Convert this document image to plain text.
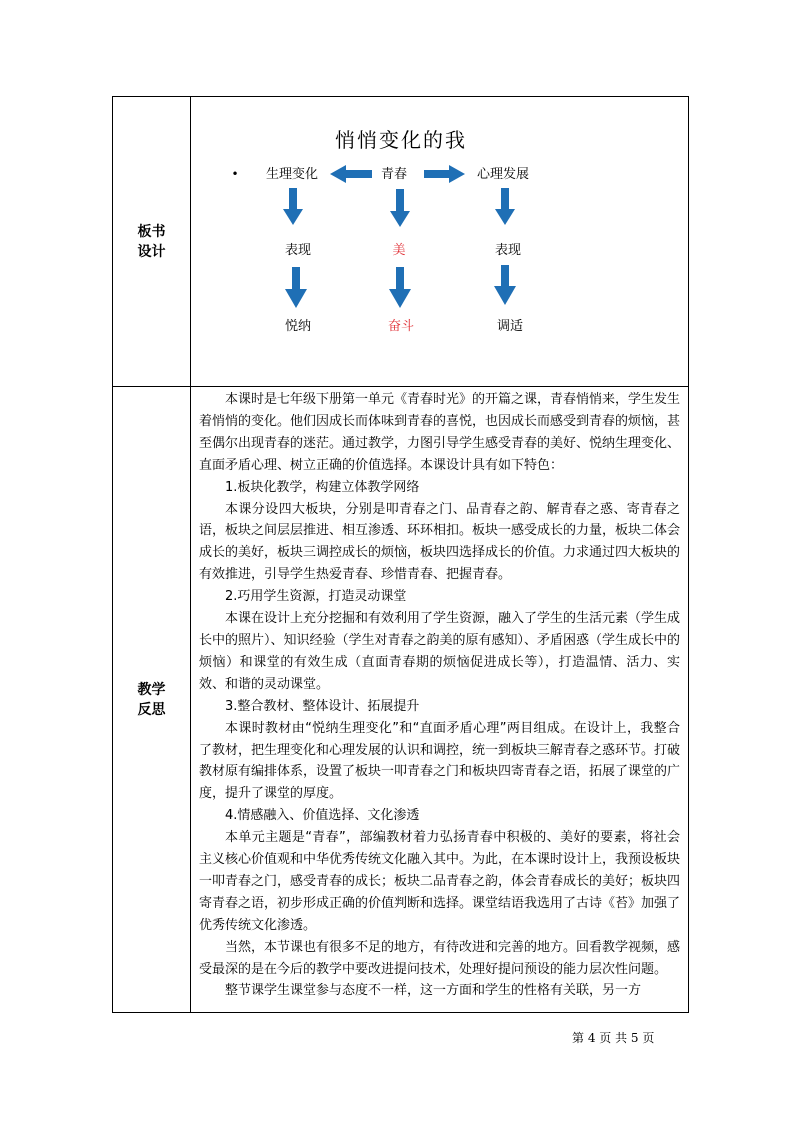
板书设计
悄悄变化的我
• 生理变化	青春	心理发展
表现	美	表现
悦纳	奋斗	调适
教学反思

本课时是七年级下册第一单元《青春时光》的开篇之课，青春悄悄来，学生发生着悄悄的变化。他们因成长而体味到青春的喜悦，也因成长而感受到青春的烦恼，甚至偶尔出现青春的迷茫。通过教学，力图引导学生感受青春的美好、悦纳生理变化、直面矛盾心理、树立正确的价值选择。本课设计具有如下特色：

1.板块化教学，构建立体教学网络

本课分设四大板块，分别是叩青春之门、品青春之韵、解青春之惑、寄青春之语，板块之间层层推进、相互渗透、环环相扣。板块一感受成长的力量，板块二体会成长的美好，板块三调控成长的烦恼，板块四选择成长的价值。力求通过四大板块的有效推进，引导学生热爱青春、珍惜青春、把握青春。

2.巧用学生资源，打造灵动课堂

本课在设计上充分挖掘和有效利用了学生资源，融入了学生的生活元素（学生成长中的照片）、知识经验（学生对青春之韵美的原有感知）、矛盾困惑（学生成长中的烦恼）和课堂的有效生成（直面青春期的烦恼促进成长等），打造温情、活力、实效、和谐的灵动课堂。

3.整合教材、整体设计、拓展提升

本课时教材由“悦纳生理变化”和“直面矛盾心理”两目组成。在设计上，我整合了教材，把生理变化和心理发展的认识和调控，统一到板块三解青春之惑环节。打破教材原有编排体系，设置了板块一叩青春之门和板块四寄青春之语，拓展了课堂的广度，提升了课堂的厚度。

4.情感融入、价值选择、文化渗透

本单元主题是“青春”，部编教材着力弘扬青春中积极的、美好的要素，将社会主义核心价值观和中华优秀传统文化融入其中。为此，在本课时设计上，我预设板块一叩青春之门，感受青春的成长；板块二品青春之韵，体会青春成长的美好；板块四寄青春之语，初步形成正确的价值判断和选择。课堂结语我选用了古诗《苔》加强了优秀传统文化渗透。

当然，本节课也有很多不足的地方，有待改进和完善的地方。回看教学视频，感受最深的是在今后的教学中要改进提问技术，处理好提问预设的能力层次性问题。

整节课学生课堂参与态度不一样，这一方面和学生的性格有关联，另一方

第 4 页 共 5 页
